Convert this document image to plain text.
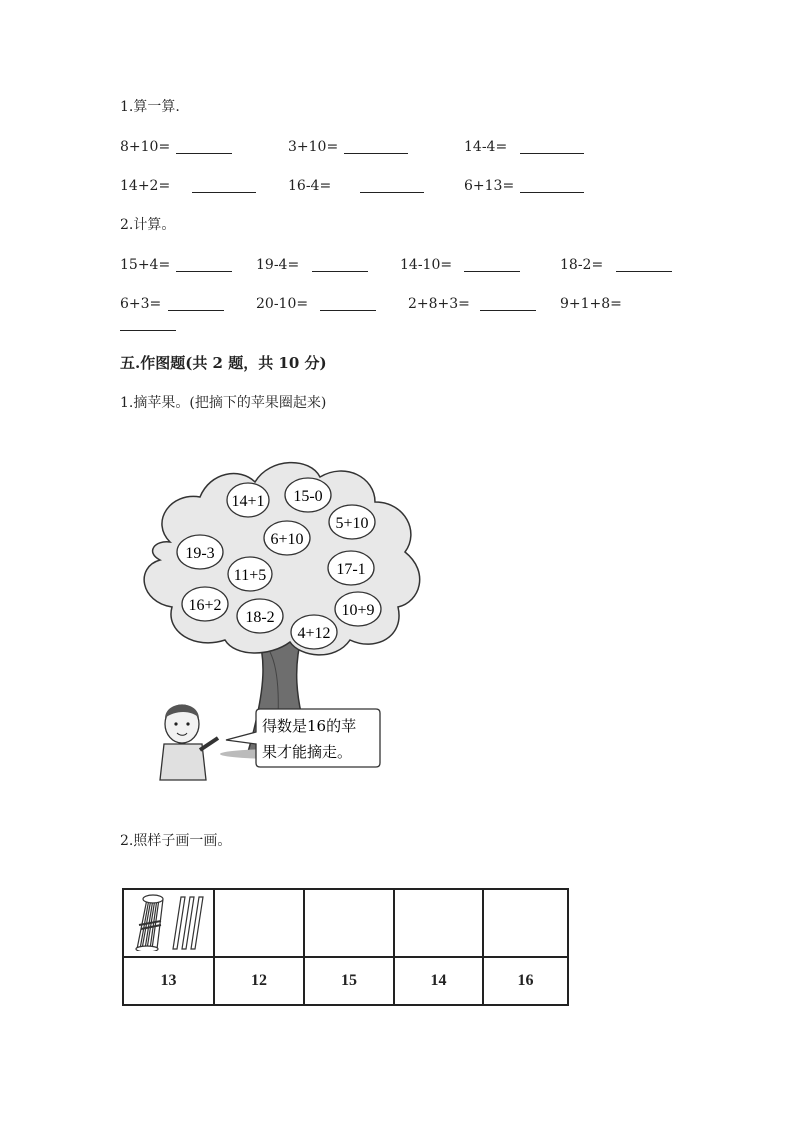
1.算一算.
8+10=	3+10=	14-4=
14+2=	16-4=	6+13=
2.计算。
15+4=	19-4=	14-10=	18-2=
6+3=	20-10=	2+8+3=	9+1+8=
五.作图题(共 2 题，共 10 分)
1.摘苹果。(把摘下的苹果圈起来)
14+1 15-0
5+10
6+10
19-3
17-1
11+5
16+2
18-2	10+9
4+12
得数是16的苹
果才能摘走。
2.照样子画一画。

13	12	15	14	16
